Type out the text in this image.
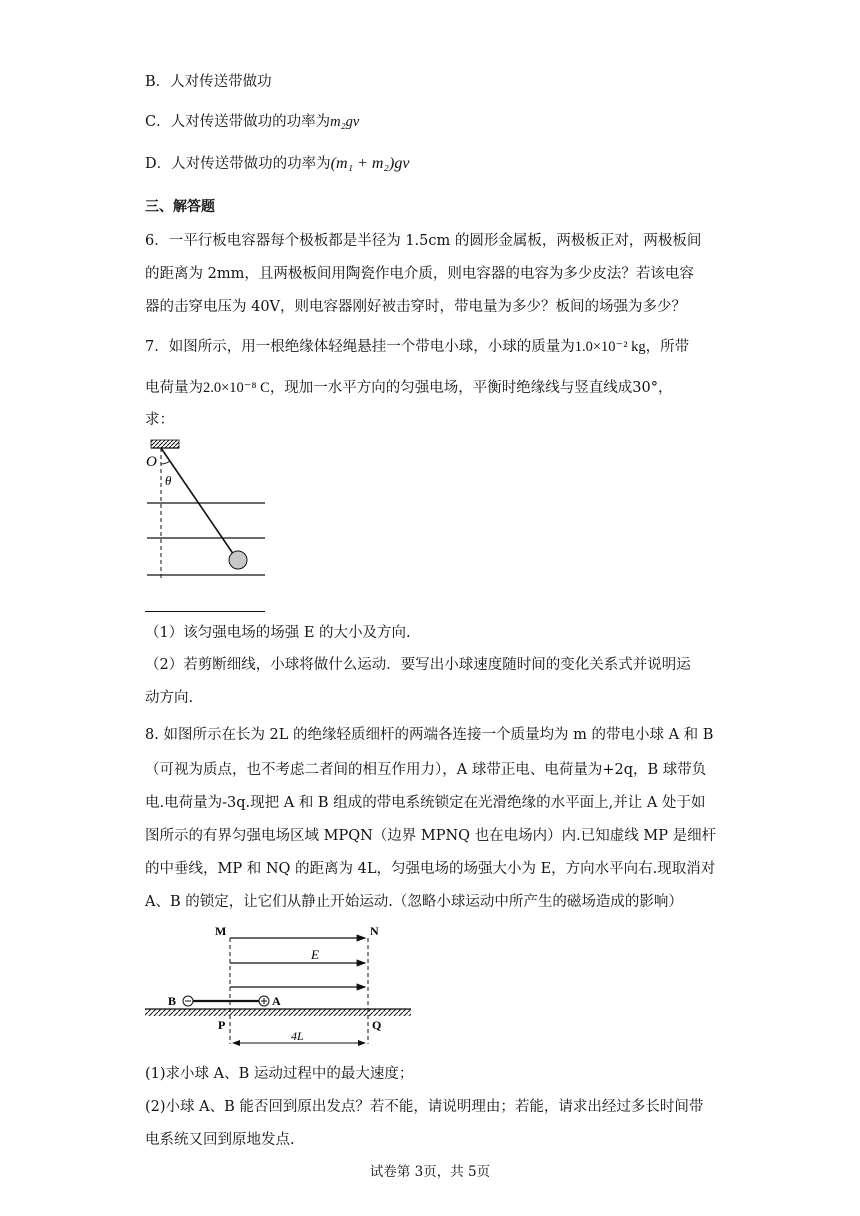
B．人对传送带做功
C．人对传送带做功的功率为m₂gv
D．人对传送带做功的功率为(m₁ + m₂)gv
三、解答题
6．一平行板电容器每个极板都是半径为 1.5cm 的圆形金属板，两极板正对，两极板间
的距离为 2mm，且两极板间用陶瓷作电介质，则电容器的电容为多少皮法？若该电容
器的击穿电压为 40V，则电容器刚好被击穿时，带电量为多少？板间的场强为多少？
7．如图所示，用一根绝缘体轻绳悬挂一个带电小球，小球的质量为1.0×10⁻² kg，所带
电荷量为2.0×10⁻⁸ C，现加一水平方向的匀强电场，平衡时绝缘线与竖直线成30°，
求：
O
θ
（1）该匀强电场的场强 E 的大小及方向.
（2）若剪断细线，小球将做什么运动．要写出小球速度随时间的变化关系式并说明运
动方向.
8. 如图所示在长为 2L 的绝缘轻质细杆的两端各连接一个质量均为 m 的带电小球 A 和 B
（可视为质点，也不考虑二者间的相互作用力），A 球带正电、电荷量为+2q，B 球带负
电.电荷量为-3q.现把 A 和 B 组成的带电系统锁定在光滑绝缘的水平面上,并让 A 处于如
图所示的有界匀强电场区域 MPQN（边界 MPNQ 也在电场内）内.已知虚线 MP 是细杆
的中垂线，MP 和 NQ 的距离为 4L，匀强电场的场强大小为 E，方向水平向右.现取消对
A、B 的锁定，让它们从静止开始运动.（忽略小球运动中所产生的磁场造成的影响）
M	N
E
B	A
P	Q
4L
(1)求小球 A、B 运动过程中的最大速度；
(2)小球 A、B 能否回到原出发点？若不能，请说明理由；若能，请求出经过多长时间带
电系统又回到原地发点.
试卷第 3页，共 5页
